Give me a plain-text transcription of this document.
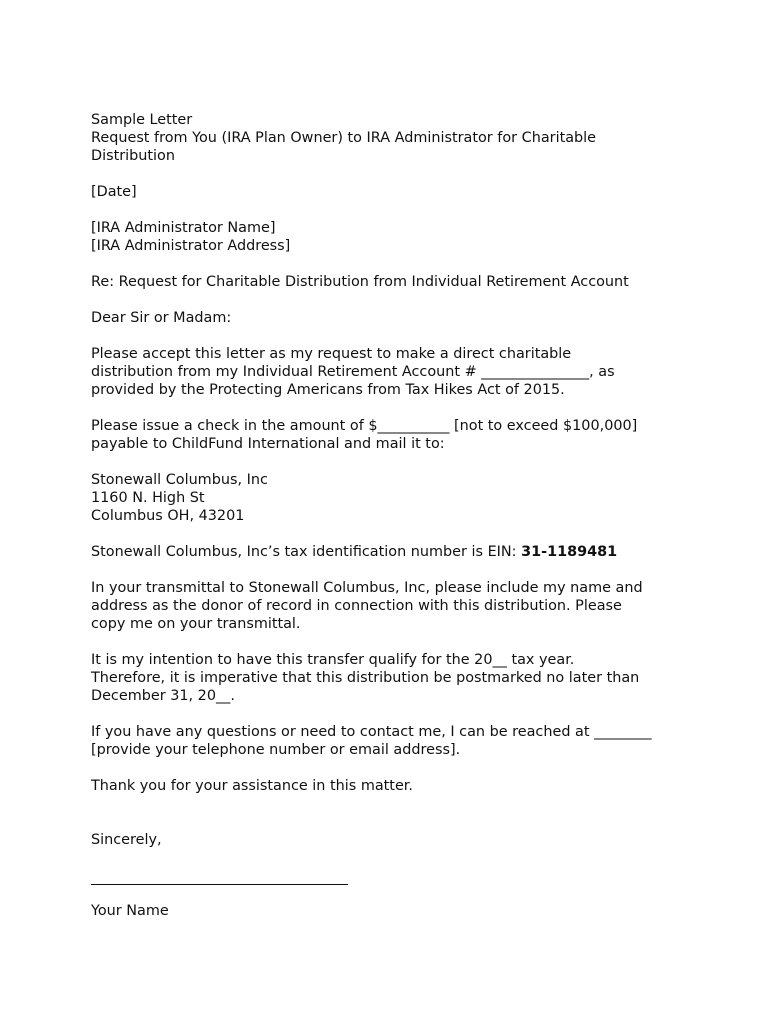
Sample Letter
Request from You (IRA Plan Owner) to IRA Administrator for Charitable
Distribution

[Date]

[IRA Administrator Name]
[IRA Administrator Address]

Re: Request for Charitable Distribution from Individual Retirement Account

Dear Sir or Madam:

Please accept this letter as my request to make a direct charitable
distribution from my Individual Retirement Account # _______________, as
provided by the Protecting Americans from Tax Hikes Act of 2015.

Please issue a check in the amount of $__________ [not to exceed $100,000]
payable to ChildFund International and mail it to:

Stonewall Columbus, Inc
1160 N. High St
Columbus OH, 43201

Stonewall Columbus, Inc’s tax identification number is EIN: 31-1189481

In your transmittal to Stonewall Columbus, Inc, please include my name and
address as the donor of record in connection with this distribution. Please
copy me on your transmittal.

It is my intention to have this transfer qualify for the 20__ tax year.
Therefore, it is imperative that this distribution be postmarked no later than
December 31, 20__.

If you have any questions or need to contact me, I can be reached at ________
[provide your telephone number or email address].

Thank you for your assistance in this matter.

Sincerely,

Your Name
